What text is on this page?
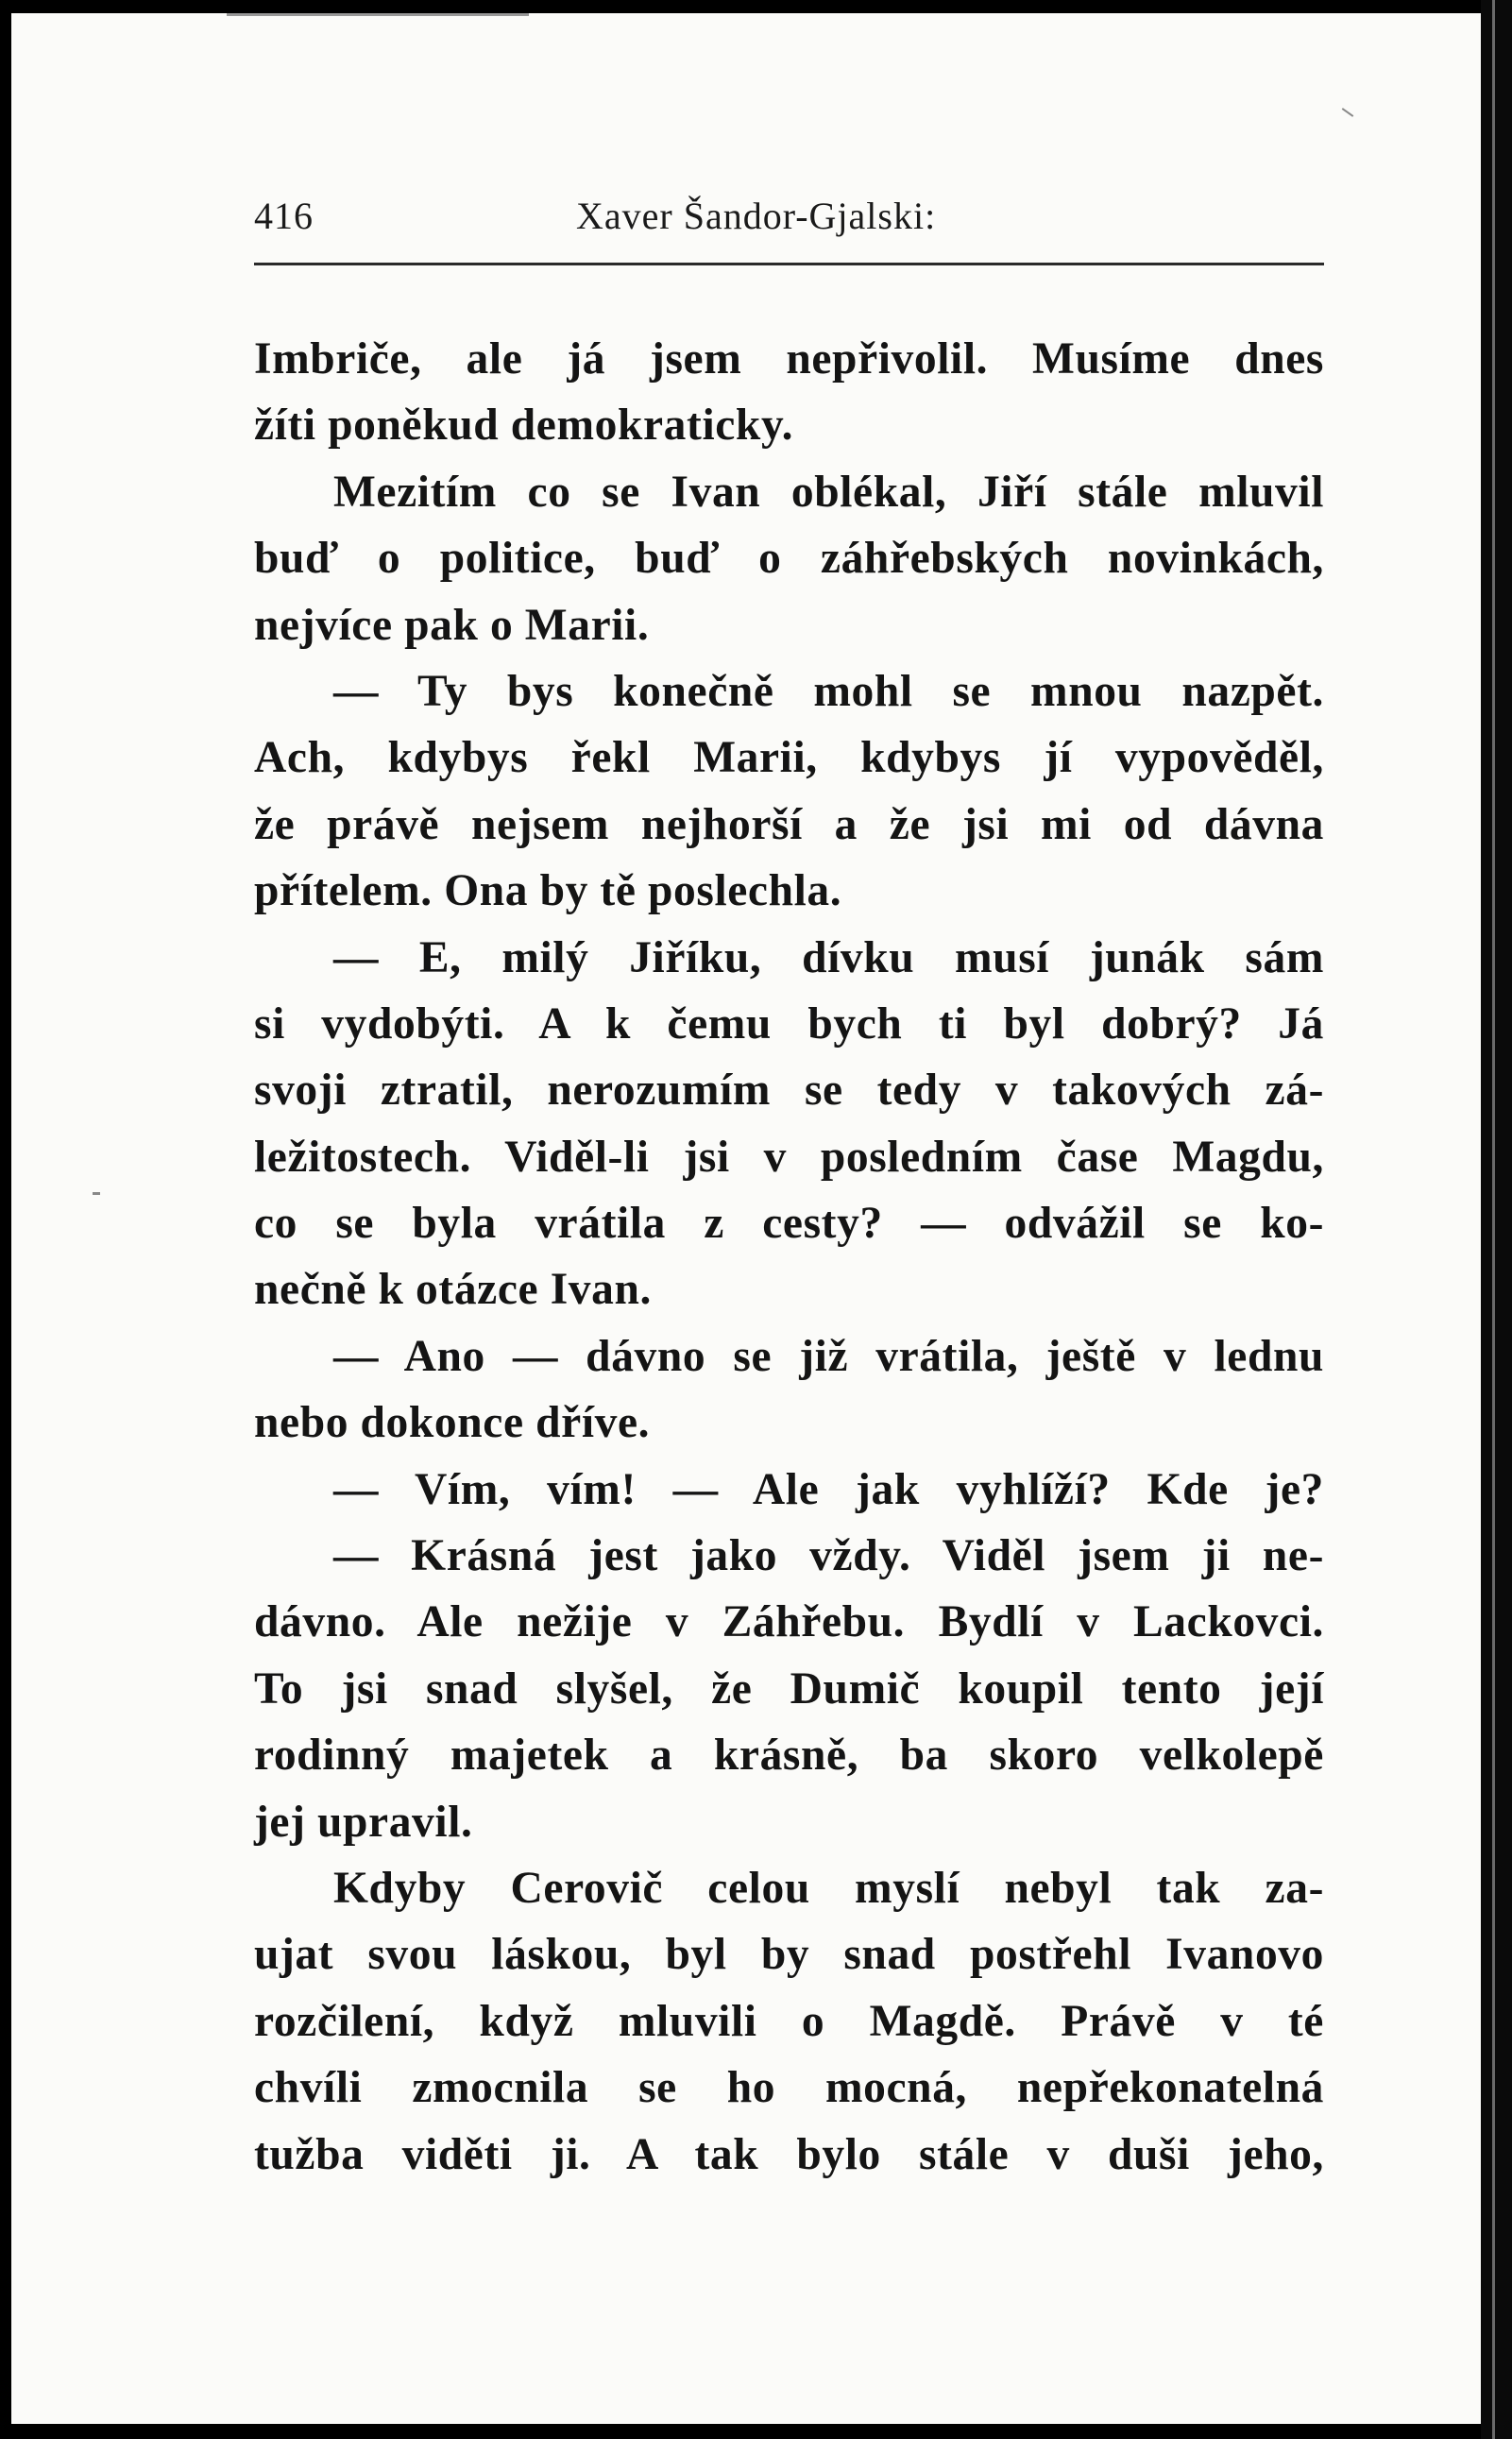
416	Xaver Šandor-Gjalski:
Imbriče, ale já jsem nepřivolil. Musíme dnes
žíti poněkud demokraticky.
Mezitím co se Ivan oblékal, Jiří stále mluvil
buď o politice, buď o záhřebských novinkách,
nejvíce pak o Marii.
— Ty bys konečně mohl se mnou nazpět.
Ach, kdybys řekl Marii, kdybys jí vypověděl,
že právě nejsem nejhorší a že jsi mi od dávna
přítelem. Ona by tě poslechla.
— E, milý Jiříku, dívku musí junák sám
si vydobýti. A k čemu bych ti byl dobrý? Já
svoji ztratil, nerozumím se tedy v takových zá-
ležitostech. Viděl-li jsi v posledním čase Magdu,
co se byla vrátila z cesty? — odvážil se ko-
nečně k otázce Ivan.
— Ano — dávno se již vrátila, ještě v lednu
nebo dokonce dříve.
— Vím, vím! — Ale jak vyhlíží? Kde je?
— Krásná jest jako vždy. Viděl jsem ji ne-
dávno. Ale nežije v Záhřebu. Bydlí v Lackovci.
To jsi snad slyšel, že Dumič koupil tento její
rodinný majetek a krásně, ba skoro velkolepě
jej upravil.
Kdyby Cerovič celou myslí nebyl tak za-
ujat svou láskou, byl by snad postřehl Ivanovo
rozčilení, když mluvili o Magdě. Právě v té
chvíli zmocnila se ho mocná, nepřekonatelná
tužba viděti ji. A tak bylo stále v duši jeho,
